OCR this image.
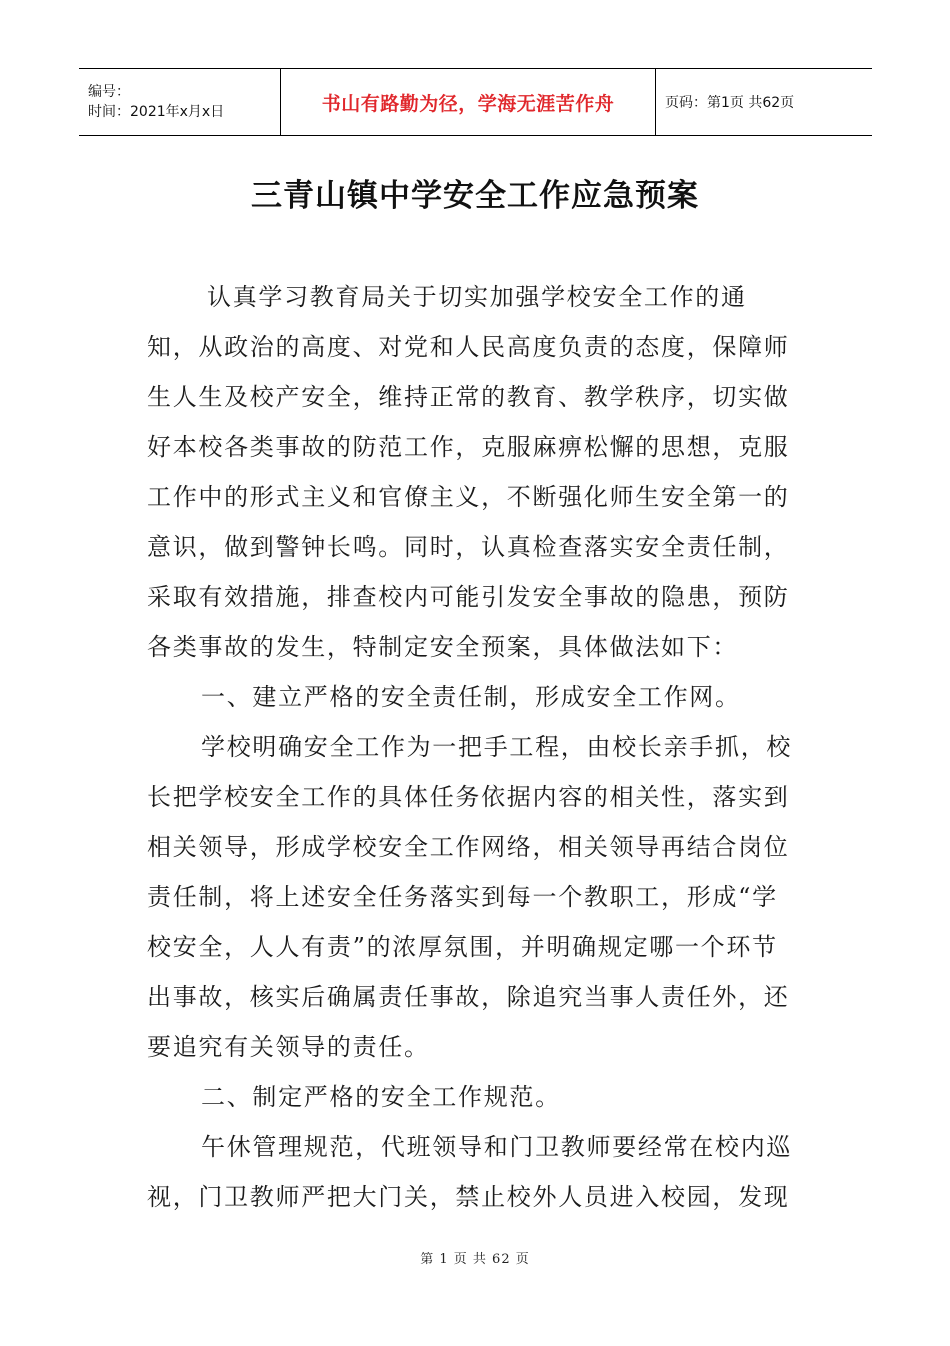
编号：
时间：2021年x月x日	书山有路勤为径，学海无涯苦作舟	页码：第1页 共62页
三青山镇中学安全工作应急预案

认真学习教育局关于切实加强学校安全工作的通知，从政治的高度、对党和人民高度负责的态度，保障师生人生及校产安全，维持正常的教育、教学秩序，切实做好本校各类事故的防范工作，克服麻痹松懈的思想，克服工作中的形式主义和官僚主义，不断强化师生安全第一的意识，做到警钟长鸣。同时，认真检查落实安全责任制，采取有效措施，排查校内可能引发安全事故的隐患，预防各类事故的发生，特制定安全预案，具体做法如下：

一、建立严格的安全责任制，形成安全工作网。

学校明确安全工作为一把手工程，由校长亲手抓，校长把学校安全工作的具体任务依据内容的相关性，落实到相关领导，形成学校安全工作网络，相关领导再结合岗位责任制，将上述安全任务落实到每一个教职工，形成“学校安全，人人有责”的浓厚氛围，并明确规定哪一个环节出事故，核实后确属责任事故，除追究当事人责任外，还要追究有关领导的责任。

二、制定严格的安全工作规范。

午休管理规范，代班领导和门卫教师要经常在校内巡视，门卫教师严把大门关，禁止校外人员进入校园，发现

第 1 页 共 62 页
